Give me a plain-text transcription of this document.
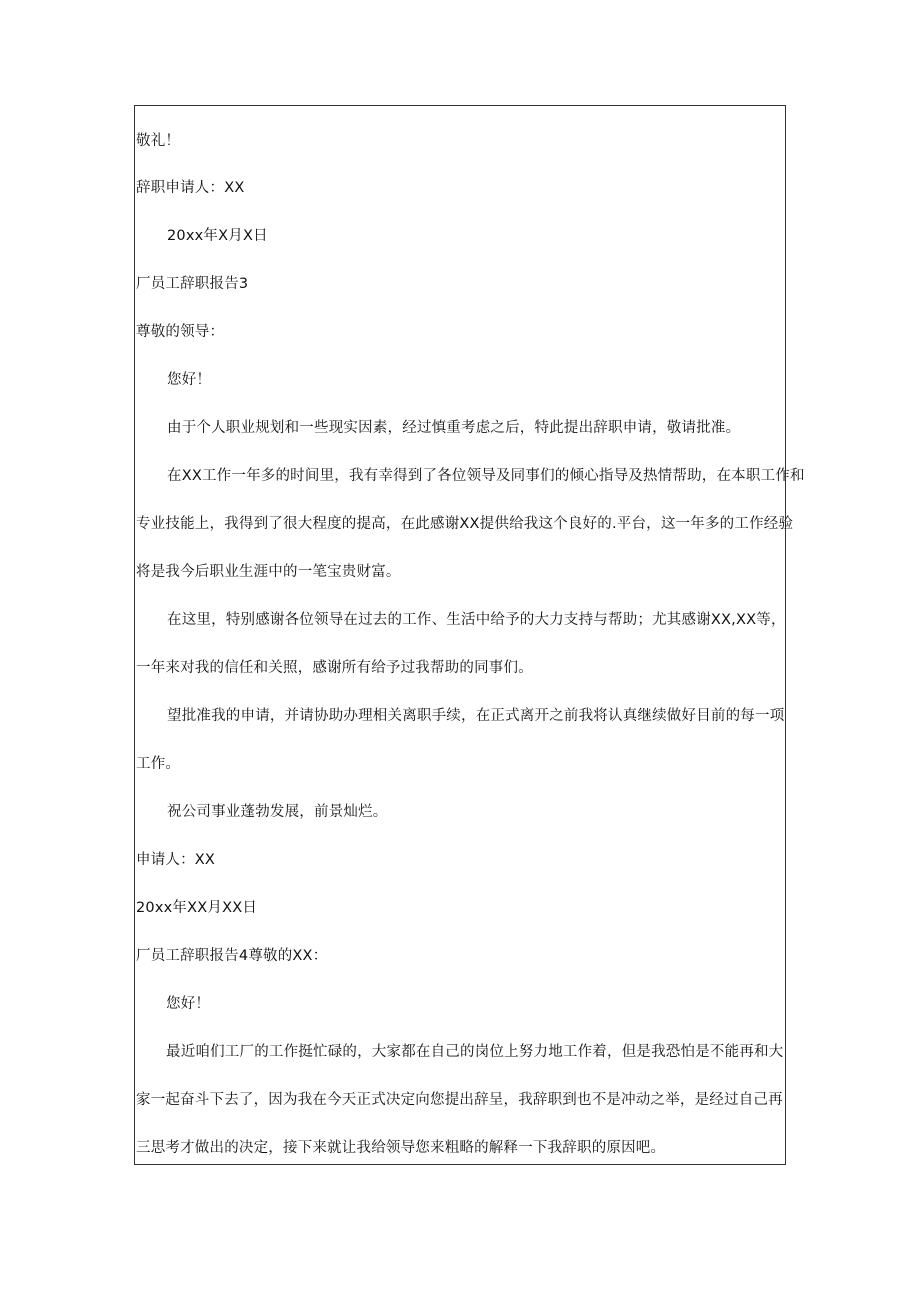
敬礼！
辞职申请人：XX
20xx年X月X日
厂员工辞职报告3
尊敬的领导：
您好！
由于个人职业规划和一些现实因素，经过慎重考虑之后，特此提出辞职申请，敬请批准。
在XX工作一年多的时间里，我有幸得到了各位领导及同事们的倾心指导及热情帮助，在本职工作和
专业技能上，我得到了很大程度的提高，在此感谢XX提供给我这个良好的.平台，这一年多的工作经验
将是我今后职业生涯中的一笔宝贵财富。
在这里，特别感谢各位领导在过去的工作、生活中给予的大力支持与帮助；尤其感谢XX,XX等，
一年来对我的信任和关照，感谢所有给予过我帮助的同事们。
望批准我的申请，并请协助办理相关离职手续，在正式离开之前我将认真继续做好目前的每一项
工作。
祝公司事业蓬勃发展，前景灿烂。
申请人：XX
20xx年XX月XX日
厂员工辞职报告4尊敬的XX：
您好！
最近咱们工厂的工作挺忙碌的，大家都在自己的岗位上努力地工作着，但是我恐怕是不能再和大
家一起奋斗下去了，因为我在今天正式决定向您提出辞呈，我辞职到也不是冲动之举，是经过自己再
三思考才做出的决定，接下来就让我给领导您来粗略的解释一下我辞职的原因吧。
